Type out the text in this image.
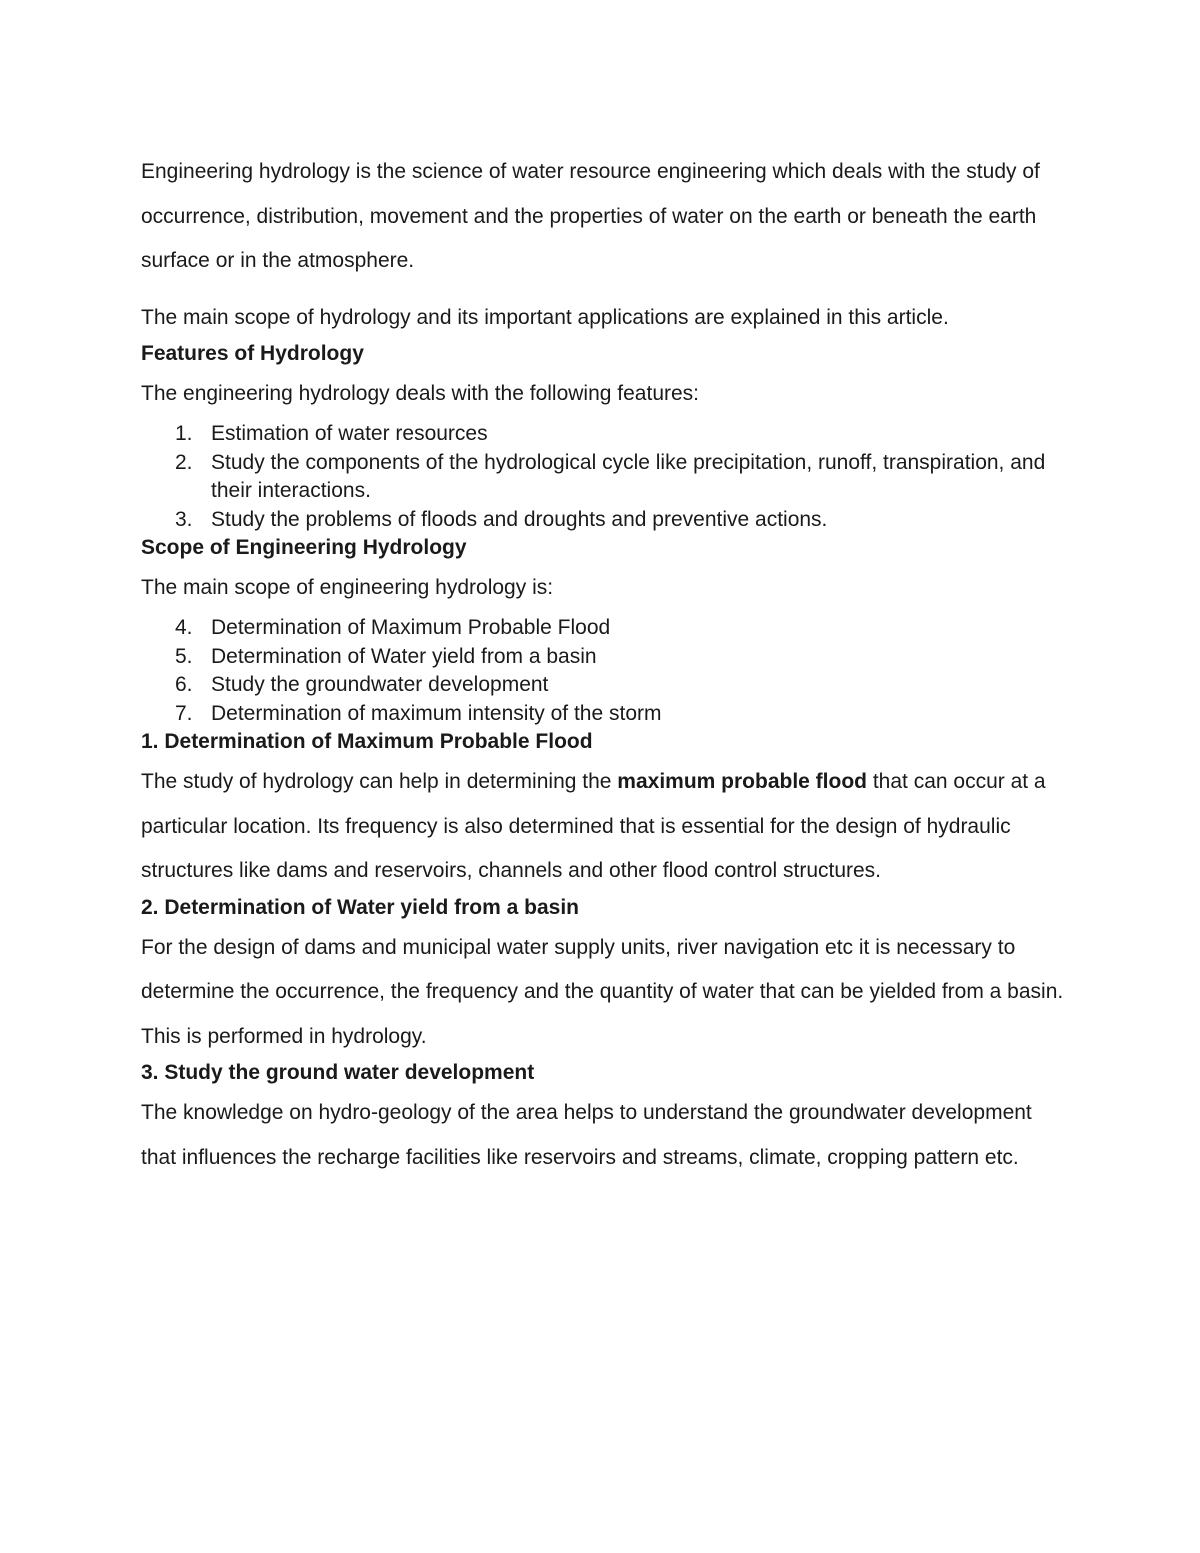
Engineering hydrology is the science of water resource engineering which deals with the study of occurrence, distribution, movement and the properties of water on the earth or beneath the earth surface or in the atmosphere.

The main scope of hydrology and its important applications are explained in this article.

Features of Hydrology

The engineering hydrology deals with the following features:

1. Estimation of water resources
2. Study the components of the hydrological cycle like precipitation, runoff, transpiration, and their interactions.
3. Study the problems of floods and droughts and preventive actions.

Scope of Engineering Hydrology

The main scope of engineering hydrology is:

4. Determination of Maximum Probable Flood
5. Determination of Water yield from a basin
6. Study the groundwater development
7. Determination of maximum intensity of the storm

1. Determination of Maximum Probable Flood

The study of hydrology can help in determining the maximum probable flood that can occur at a particular location. Its frequency is also determined that is essential for the design of hydraulic structures like dams and reservoirs, channels and other flood control structures.

2. Determination of Water yield from a basin

For the design of dams and municipal water supply units, river navigation etc it is necessary to determine the occurrence, the frequency and the quantity of water that can be yielded from a basin. This is performed in hydrology.

3. Study the ground water development

The knowledge on hydro-geology of the area helps to understand the groundwater development that influences the recharge facilities like reservoirs and streams, climate, cropping pattern etc.
